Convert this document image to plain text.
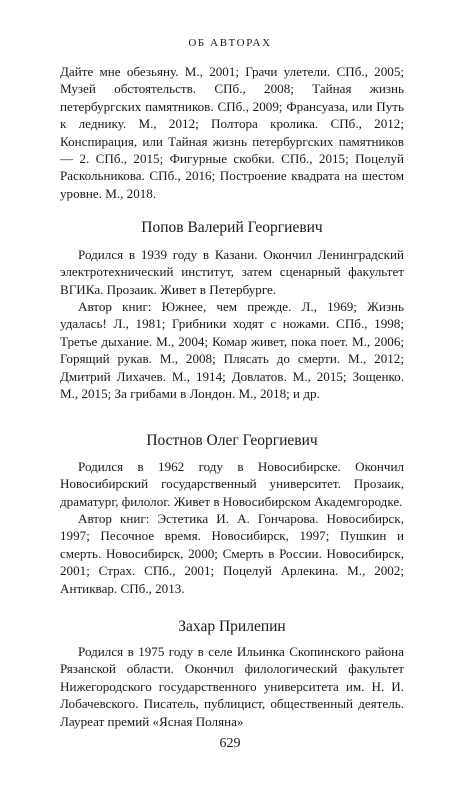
ОБ АВТОРАХ

Дайте мне обезьяну. М., 2001; Грачи улетели. СПб., 2005; Музей обстоятельств. СПб., 2008; Тайная жизнь петербургских памятников. СПб., 2009; Франсуаза, или Путь к леднику. М., 2012; Полтора кролика. СПб., 2012; Конспирация, или Тайная жизнь петербургских памятников — 2. СПб., 2015; Фигурные скобки. СПб., 2015; Поцелуй Раскольникова. СПб., 2016; Построение квадрата на шестом уровне. М., 2018.

Попов Валерий Георгиевич

Родился в 1939 году в Казани. Окончил Ленинградский электротехнический институт, затем сценарный факультет ВГИКа. Прозаик. Живет в Петербурге.

Автор книг: Южнее, чем прежде. Л., 1969; Жизнь удалась! Л., 1981; Грибники ходят с ножами. СПб., 1998; Третье дыхание. М., 2004; Комар живет, пока поет. М., 2006; Горящий рукав. М., 2008; Плясать до смерти. М., 2012; Дмитрий Лихачев. М., 1914; Довлатов. М., 2015; Зощенко. М., 2015; За грибами в Лондон. М., 2018; и др.

Постнов Олег Георгиевич

Родился в 1962 году в Новосибирске. Окончил Новосибирский государственный университет. Прозаик, драматург, филолог. Живет в Новосибирском Академгородке.

Автор книг: Эстетика И. А. Гончарова. Новосибирск, 1997; Песочное время. Новосибирск, 1997; Пушкин и смерть. Новосибирск, 2000; Смерть в России. Новосибирск, 2001; Страх. СПб., 2001; Поцелуй Арлекина. М., 2002; Антиквар. СПб., 2013.

Захар Прилепин

Родился в 1975 году в селе Ильинка Скопинского района Рязанской области. Окончил филологический факультет Нижегородского государственного университета им. Н. И. Лобачевского. Писатель, публицист, общественный деятель. Лауреат премий «Ясная Поляна»

629
